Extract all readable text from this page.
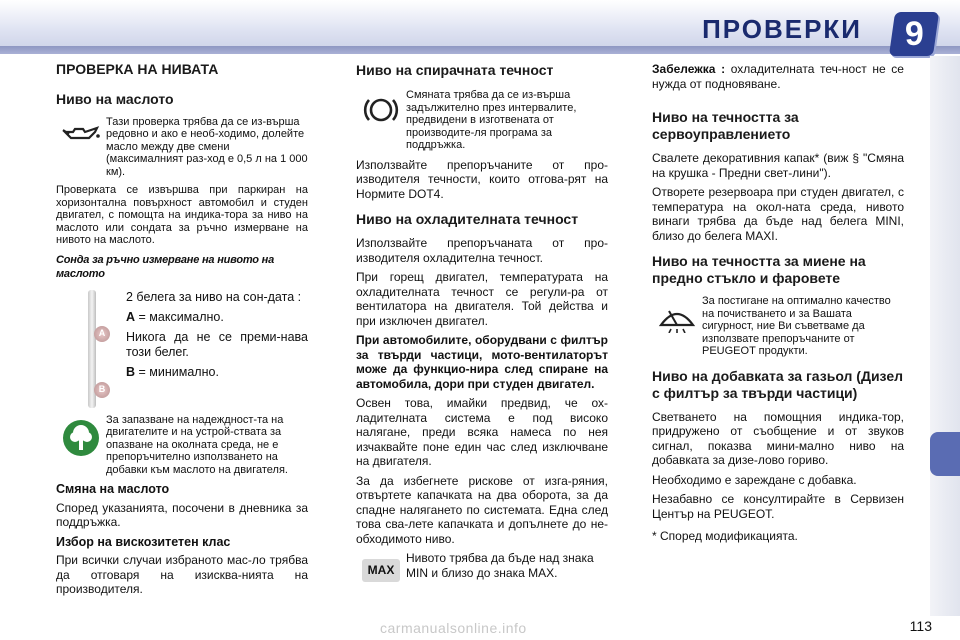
ПРОВЕРКИ 9
ПРОВЕРКА НА НИВАТА
Ниво на маслото
Тази проверка трябва да се из-върша редовно и ако е необ-ходимо, долейте масло между две смени (максималният раз-ход е 0,5 л на 1 000 км).

Проверката се извършва при паркиран на хоризонтална повърхност автомобил и студен двигател, с помощта на индика-тора за ниво на маслото или сондата за ръчно измерване на нивото на маслото.

Сонда за ръчно измерване на нивото на маслото
A
B

2 белега за ниво на сон-дата :

A = максимално.

Никога да не се преми-нава този белег.

B = минимално.

За запазване на надеждност-та на двигателите и на устрой-ствата за опазване на околната среда, не е препоръчително използването на добавки към маслото на двигателя.
Смяна на маслото

Според указанията, посочени в дневника за поддръжка.

Избор на вискозитетен клас

При всички случаи избраното мас-ло трябва да отговаря на изисква-нията на производителя.

Ниво на спирачната течност
Смяната трябва да се из-върша задължително през интервалите, предвидени в изготвената от производите-ля програма за поддръжка.

Използвайте препоръчаните от про-изводителя течности, които отгова-рят на Нормите DOT4.

Ниво на охладителната течност

Използвайте препоръчаната от про-изводителя охладителна течност.

При горещ двигател, температурата на охладителната течност се регули-ра от вентилатора на двигателя. Той действа и при изключен двигател.

При автомобилите, оборудвани с филтър за твърди частици, мото-вентилаторът може да функцио-нира след спиране на автомобила, дори при студен двигател.

Освен това, имайки предвид, че ох-ладителната система е под високо налягане, преди всяка намеса по нея изчаквайте поне един час след изключване на двигателя.

За да избегнете рискове от изга-ряния, отвъртете капачката на два оборота, за да спадне налягането по системата. Една след това сва-лете капачката и допълнете до не-обходимото ниво.

MAX
Нивото трябва да бъде над знака MIN и близо до знака MAX.

Забележка : охладителната теч-ност не се нужда от подновяване.

Ниво на течността за сервоуправлението

Свалете декоративния капак* (виж § "Смяна на крушка - Предни свет-лини").

Отворете резервоара при студен двигател, с температура на окол-ната среда, нивото винаги трябва да бъде над белега MINI, близо до белега MAXI.

Ниво на течността за миене на предно стъкло и фаровете
За постигане на оптимално качество на почистването и за Вашата сигурност, ние Ви съветваме да използвате препоръчаните от PEUGEOT продукти.
Ниво на добавката за газьол (Дизел с филтър за твърди частици)

Светването на помощния индика-тор, придружено от съобщение и от звуков сигнал, показва мини-мално ниво на добавката за дизе-лово гориво.

Необходимо е зареждане с добавка.

Незабавно се консултирайте в Сервизен Център на PEUGEOT.

* Според модификацията.

carmanualsonline.info	113
